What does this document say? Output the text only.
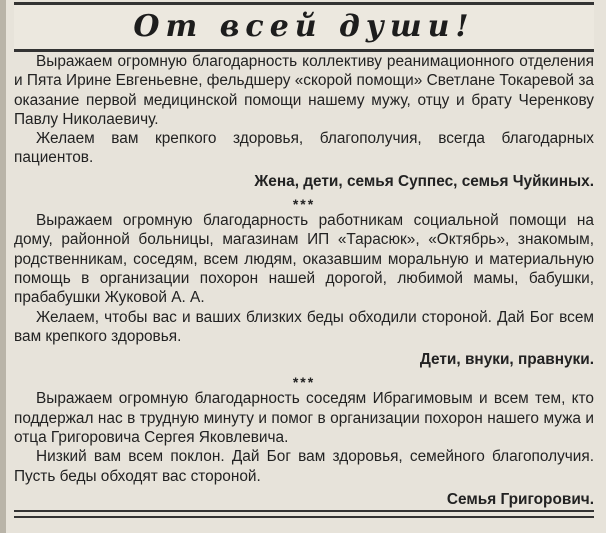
От всей души!

Выражаем огромную благодарность коллективу реанимационного отделения и Пята Ирине Евгеньевне, фельдшеру «скорой помощи» Светлане Токаревой за оказание первой медицинской помощи нашему мужу, отцу и брату Черенкову Павлу Николаевичу.

Желаем вам крепкого здоровья, благополучия, всегда благодарных пациентов.

Жена, дети, семья Суппес, семья Чуйкиных.

***

Выражаем огромную благодарность работникам социальной помощи на дому, районной больницы, магазинам ИП «Тарасюк», «Октябрь», знакомым, родственникам, соседям, всем людям, оказавшим моральную и материальную помощь в организации похорон нашей дорогой, любимой мамы, бабушки, прабабушки Жуковой А. А.

Желаем, чтобы вас и ваших близких беды обходили стороной. Дай Бог всем вам крепкого здоровья.

Дети, внуки, правнуки.

***

Выражаем огромную благодарность соседям Ибрагимовым и всем тем, кто поддержал нас в трудную минуту и помог в организации похорон нашего мужа и отца Григоровича Сергея Яковлевича.

Низкий вам всем поклон. Дай Бог вам здоровья, семейного благополучия. Пусть беды обходят вас стороной.

Семья Григорович.
